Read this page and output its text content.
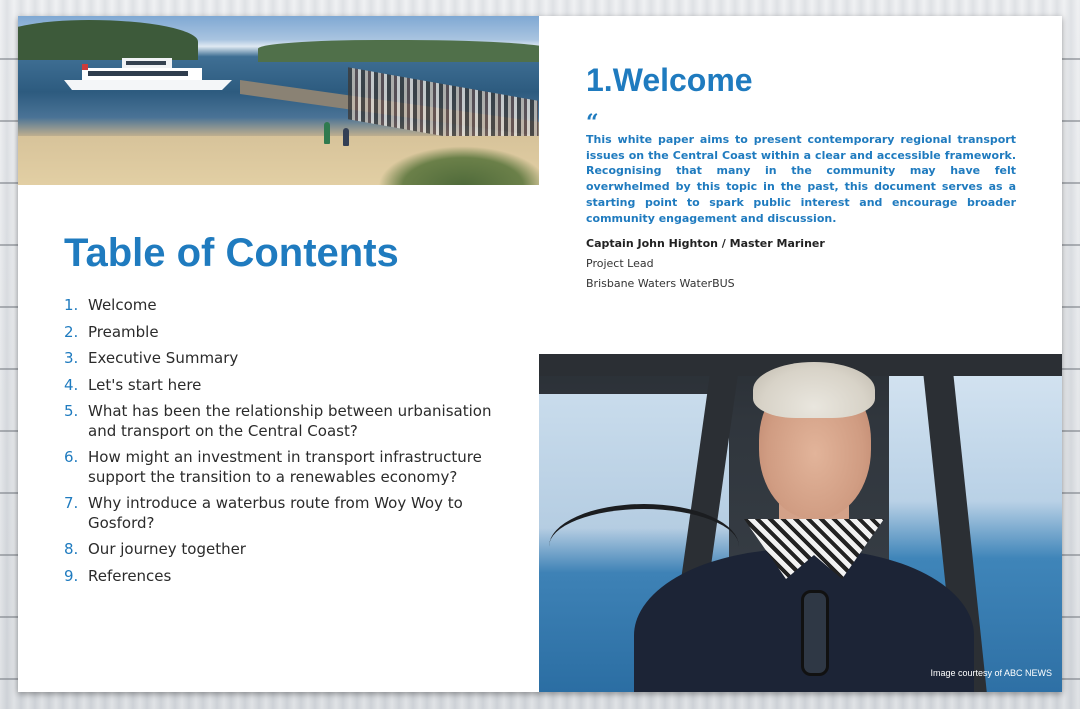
1.Welcome
“

This white paper aims to present contemporary regional transport issues on the Central Coast within a clear and accessible framework. Recognising that many in the community may have felt overwhelmed by this topic in the past, this document serves as a starting point to spark public interest and encourage broader community engagement and discussion.

Captain John Highton / Master Mariner
Project Lead
Brisbane Waters WaterBUS
Table of Contents
1. Welcome
2. Preamble
3. Executive Summary
4. Let's start here
5. What has been the relationship between urbanisation and transport on the Central Coast?
6. How might an investment in transport infrastructure support the transition to a renewables economy?
7. Why introduce a waterbus route from Woy Woy to Gosford?
8. Our journey together
9. References
Image courtesy of ABC NEWS
